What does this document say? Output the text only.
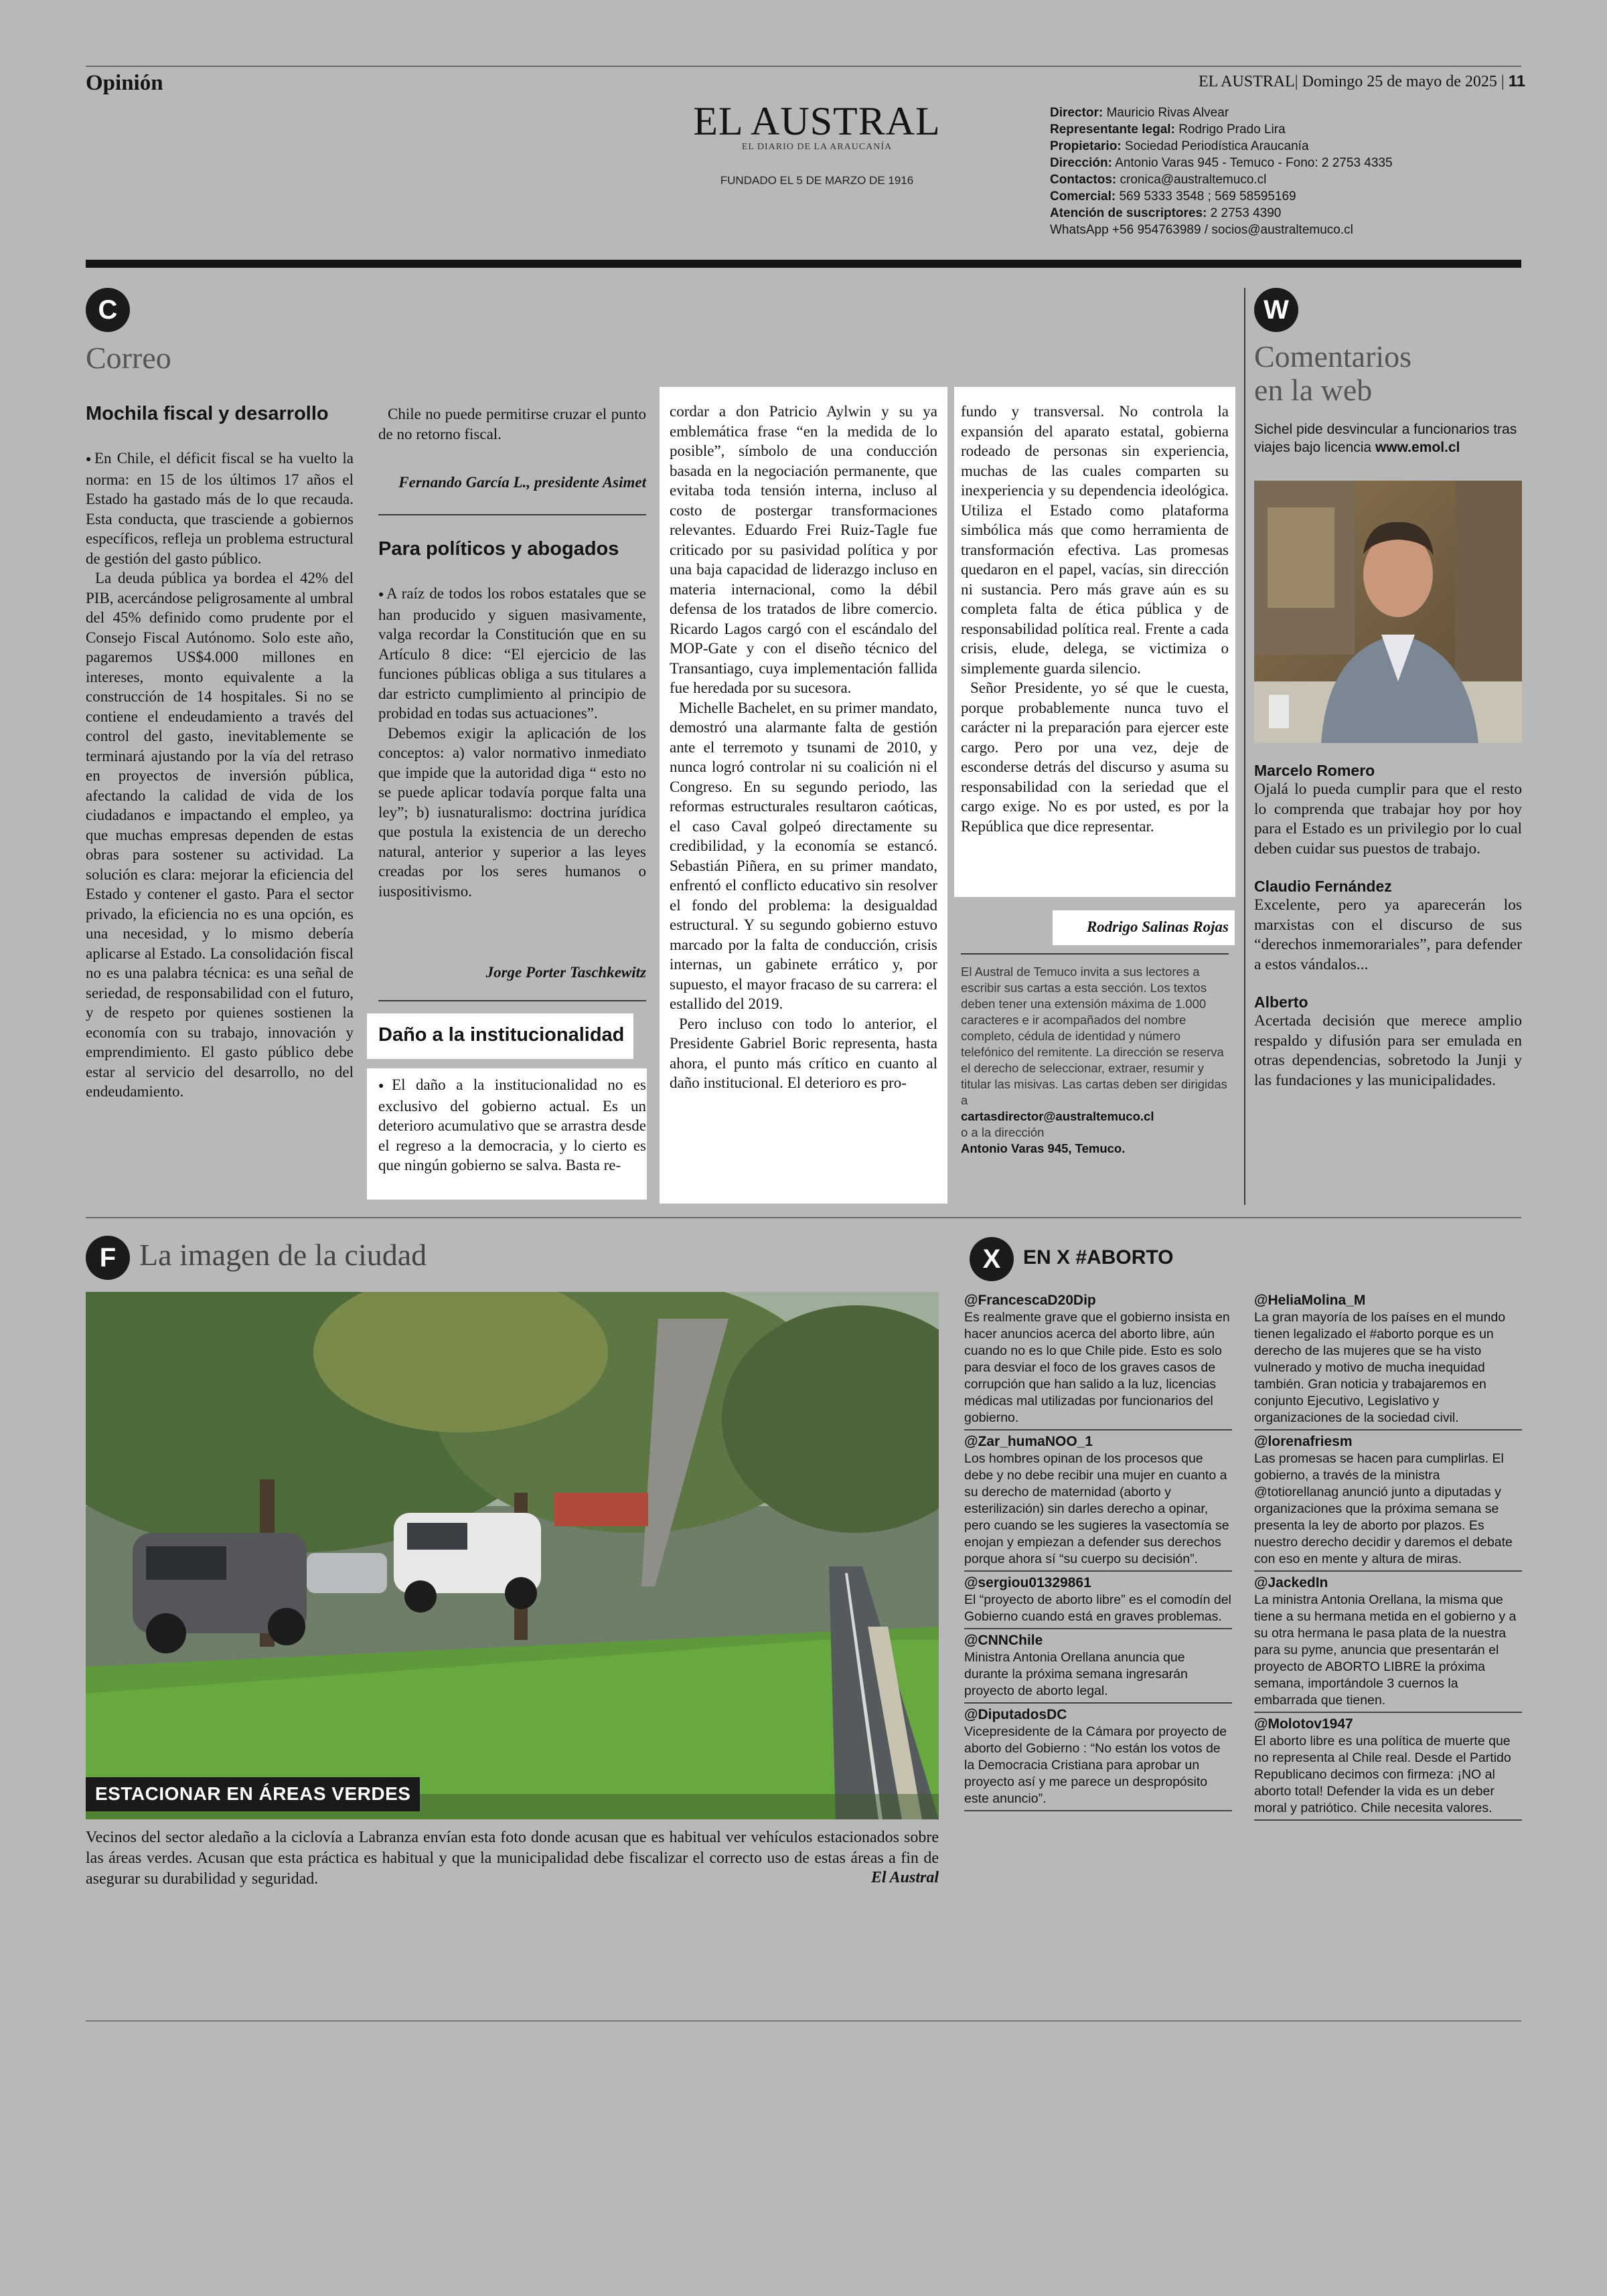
Opinión	EL AUSTRAL| Domingo 25 de mayo de 2025 | 11
EL AUSTRAL
EL DIARIO DE LA ARAUCANÍA
FUNDADO EL 5 DE MARZO DE 1916
Director: Mauricio Rivas Alvear
Representante legal: Rodrigo Prado Lira
Propietario: Sociedad Periodística Araucanía
Dirección: Antonio Varas 945 - Temuco - Fono: 2 2753 4335
Contactos: cronica@australtemuco.cl
Comercial: 569 5333 3548 ; 569 58595169
Atención de suscriptores: 2 2753 4390
WhatsApp +56 954763989 / socios@australtemuco.cl
C
Correo
Mochila fiscal y desarrollo

● En Chile, el déficit fiscal se ha vuelto la norma: en 15 de los últimos 17 años el Estado ha gastado más de lo que recauda. Esta conducta, que trasciende a gobiernos específicos, refleja un problema estructural de gestión del gasto público.

La deuda pública ya bordea el 42% del PIB, acercándose peligrosamente al umbral del 45% definido como prudente por el Consejo Fiscal Autónomo. Solo este año, pagaremos US$4.000 millones en intereses, monto equivalente a la construcción de 14 hospitales. Si no se contiene el endeudamiento a través del control del gasto, inevitablemente se terminará ajustando por la vía del retraso en proyectos de inversión pública, afectando la calidad de vida de los ciudadanos e impactando el empleo, ya que muchas empresas dependen de estas obras para sostener su actividad. La solución es clara: mejorar la eficiencia del Estado y contener el gasto. Para el sector privado, la eficiencia no es una opción, es una necesidad, y lo mismo debería aplicarse al Estado. La consolidación fiscal no es una palabra técnica: es una señal de seriedad, de responsabilidad con el futuro, y de respeto por quienes sostienen la economía con su trabajo, innovación y emprendimiento. El gasto público debe estar al servicio del desarrollo, no del endeudamiento.

Chile no puede permitirse cruzar el punto de no retorno fiscal.

Fernando García L., presidente Asimet
Para políticos y abogados

● A raíz de todos los robos estatales que se han producido y siguen masivamente, valga recordar la Constitución que en su Artículo 8 dice: “El ejercicio de las funciones públicas obliga a sus titulares a dar estricto cumplimiento al principio de probidad en todas sus actuaciones”.

Debemos exigir la aplicación de los conceptos: a) valor normativo inmediato que impide que la autoridad diga “ esto no se puede aplicar todavía porque falta una ley”; b) iusnaturalismo: doctrina jurídica que postula la existencia de un derecho natural, anterior y superior a las leyes creadas por los seres humanos o iuspositivismo.

Jorge Porter Taschkewitz
Daño a la institucionalidad

● El daño a la institucionalidad no es exclusivo del gobierno actual. Es un deterioro acumulativo que se arrastra desde el regreso a la democracia, y lo cierto es que ningún gobierno se salva. Basta re-

cordar a don Patricio Aylwin y su ya emblemática frase “en la medida de lo posible”, símbolo de una conducción basada en la negociación permanente, que evitaba toda tensión interna, incluso al costo de postergar transformaciones relevantes. Eduardo Frei Ruiz-Tagle fue criticado por su pasividad política y por una baja capacidad de liderazgo incluso en materia internacional, como la débil defensa de los tratados de libre comercio. Ricardo Lagos cargó con el escándalo del MOP-Gate y con el diseño técnico del Transantiago, cuya implementación fallida fue heredada por su sucesora.

Michelle Bachelet, en su primer mandato, demostró una alarmante falta de gestión ante el terremoto y tsunami de 2010, y nunca logró controlar ni su coalición ni el Congreso. En su segundo periodo, las reformas estructurales resultaron caóticas, el caso Caval golpeó directamente su credibilidad, y la economía se estancó. Sebastián Piñera, en su primer mandato, enfrentó el conflicto educativo sin resolver el fondo del problema: la desigualdad estructural. Y su segundo gobierno estuvo marcado por la falta de conducción, crisis internas, un gabinete errático y, por supuesto, el mayor fracaso de su carrera: el estallido del 2019.

Pero incluso con todo lo anterior, el Presidente Gabriel Boric representa, hasta ahora, el punto más crítico en cuanto al daño institucional. El deterioro es pro-

fundo y transversal. No controla la expansión del aparato estatal, gobierna rodeado de personas sin experiencia, muchas de las cuales comparten su inexperiencia y su dependencia ideológica. Utiliza el Estado como plataforma simbólica más que como herramienta de transformación efectiva. Las promesas quedaron en el papel, vacías, sin dirección ni sustancia. Pero más grave aún es su completa falta de ética pública y de responsabilidad política real. Frente a cada crisis, elude, delega, se victimiza o simplemente guarda silencio.

Señor Presidente, yo sé que le cuesta, porque probablemente nunca tuvo el carácter ni la preparación para ejercer este cargo. Pero por una vez, deje de esconderse detrás del discurso y asuma su responsabilidad con la seriedad que el cargo exige. No es por usted, es por la República que dice representar.

Rodrigo Salinas Rojas
El Austral de Temuco invita a sus lectores a escribir sus cartas a esta sección. Los textos deben tener una extensión máxima de 1.000 caracteres e ir acompañados del nombre completo, cédula de identidad y número telefónico del remitente. La dirección se reserva el derecho de seleccionar, extraer, resumir y titular las misivas. Las cartas deben ser dirigidas a
cartasdirector@australtemuco.cl
o a la dirección
Antonio Varas 945, Temuco.
W
Comentarios
en la web
Sichel pide desvincular a funcionarios tras viajes bajo licencia www.emol.cl
Marcelo Romero
Ojalá lo pueda cumplir para que el resto lo comprenda que trabajar hoy por hoy para el Estado es un privilegio por lo cual deben cuidar sus puestos de trabajo.
Claudio Fernández
Excelente, pero ya aparecerán los marxistas con el discurso de sus “derechos inmemorariales”, para defender a estos vándalos...
Alberto
Acertada decisión que merece amplio respaldo y difusión para ser emulada en otras dependencias, sobretodo la Junji y las fundaciones y las municipalidades.
F La imagen de la ciudad
ESTACIONAR EN ÁREAS VERDES
Vecinos del sector aledaño a la ciclovía a Labranza envían esta foto donde acusan que es habitual ver vehículos estacionados sobre las áreas verdes. Acusan que esta práctica es habitual y que la municipalidad debe fiscalizar el correcto uso de estas áreas a fin de asegurar su durabilidad y seguridad.	El Austral
X	EN X #ABORTO
@FrancescaD20Dip
Es realmente grave que el gobierno insista en hacer anuncios acerca del aborto libre, aún cuando no es lo que Chile pide. Esto es solo para desviar el foco de los graves casos de corrupción que han salido a la luz, licencias médicas mal utilizadas por funcionarios del gobierno.
@Zar_humaNOO_1
Los hombres opinan de los procesos que debe y no debe recibir una mujer en cuanto a su derecho de maternidad (aborto y esterilización) sin darles derecho a opinar, pero cuando se les sugieres la vasectomía se enojan y empiezan a defender sus derechos porque ahora sí “su cuerpo su decisión”.
@sergiou01329861
El “proyecto de aborto libre” es el comodín del Gobierno cuando está en graves problemas.
@CNNChile
Ministra Antonia Orellana anuncia que durante la próxima semana ingresarán proyecto de aborto legal.
@DiputadosDC
Vicepresidente de la Cámara por proyecto de aborto del Gobierno : “No están los votos de la Democracia Cristiana para aprobar un proyecto así y me parece un despropósito este anuncio”.
@HeliaMolina_M
La gran mayoría de los países en el mundo tienen legalizado el #aborto porque es un derecho de las mujeres que se ha visto vulnerado y motivo de mucha inequidad también. Gran noticia y trabajaremos en conjunto Ejecutivo, Legislativo y organizaciones de la sociedad civil.
@lorenafriesm
Las promesas se hacen para cumplirlas. El gobierno, a través de la ministra @totiorellanag anunció junto a diputadas y organizaciones que la próxima semana se presenta la ley de aborto por plazos. Es nuestro derecho decidir y daremos el debate con eso en mente y altura de miras.
@JackedIn
La ministra Antonia Orellana, la misma que tiene a su hermana metida en el gobierno y a su otra hermana le pasa plata de la nuestra para su pyme, anuncia que presentarán el proyecto de ABORTO LIBRE la próxima semana, importándole 3 cuernos la embarrada que tienen.
@Molotov1947
El aborto libre es una política de muerte que no representa al Chile real. Desde el Partido Republicano decimos con firmeza: ¡NO al aborto total! Defender la vida es un deber moral y patriótico. Chile necesita valores.
